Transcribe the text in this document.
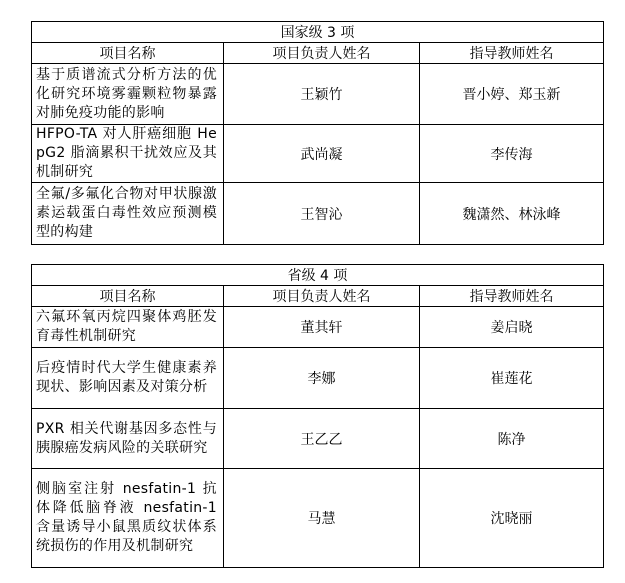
国家级 3 项		
项目名称	项目负责人姓名	指导教师姓名
基于质谱流式分析方法的优化研究环境雾霾颗粒物暴露对肺免疫功能的影响	王颖竹	晋小婷、郑玉新
HFPO-TA 对人肝癌细胞 HepG2 脂滴累积干扰效应及其机制研究	武尚凝	李传海
全氟/多氟化合物对甲状腺激素运载蛋白毒性效应预测模型的构建	王智沁	魏潇然、林泳峰
省级 4 项		
项目名称	项目负责人姓名	指导教师姓名
六氟环氧丙烷四聚体鸡胚发育毒性机制研究	董其轩	姜启晓
后疫情时代大学生健康素养现状、影响因素及对策分析	李娜	崔莲花
PXR 相关代谢基因多态性与胰腺癌发病风险的关联研究	王乙乙	陈净
侧脑室注射 nesfatin-1 抗体降低脑脊液 nesfatin-1 含量诱导小鼠黑质纹状体系统损伤的作用及机制研究	马慧	沈晓丽
